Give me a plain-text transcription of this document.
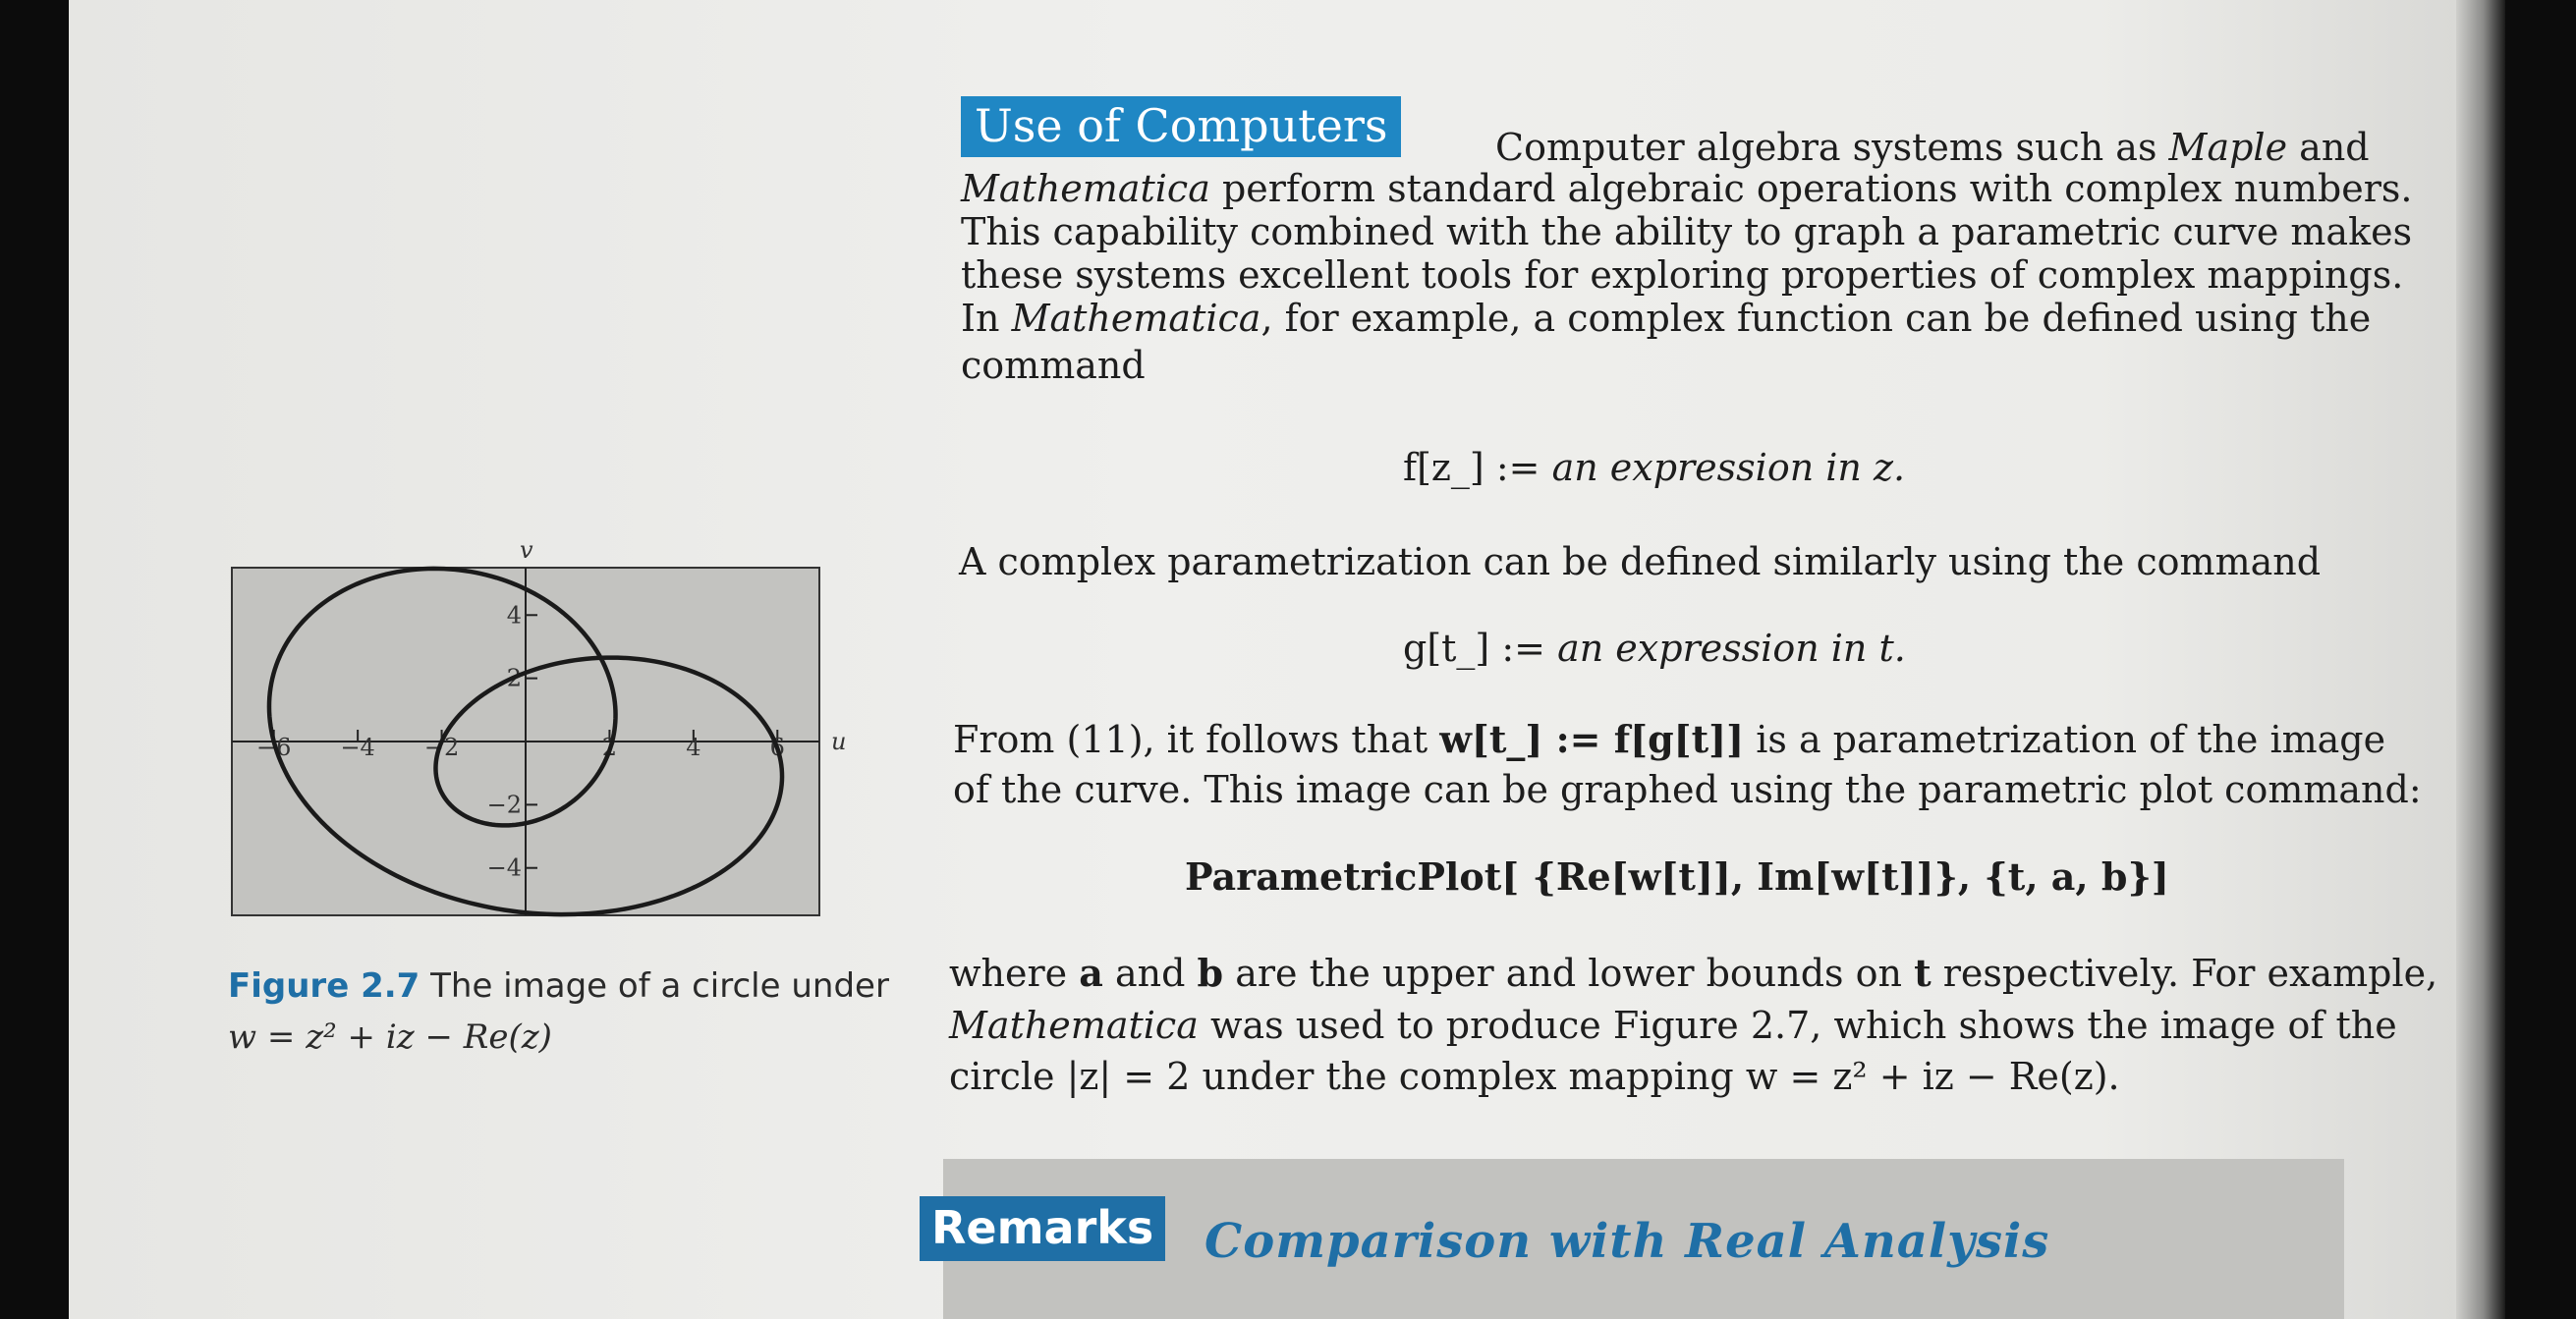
Use of Computers	Computer algebra systems such as Maple and
Mathematica perform standard algebraic operations with complex numbers.
This capability combined with the ability to graph a parametric curve makes
these systems excellent tools for exploring properties of complex mappings.
In Mathematica, for example, a complex function can be defined using the
command
f[z_] := an expression in z.
A complex parametrization can be defined similarly using the command
g[t_] := an expression in t.
From (11), it follows that w[t_] := f[g[t]] is a parametrization of the image
of the curve. This image can be graphed using the parametric plot command:
ParametricPlot[ {Re[w[t]], Im[w[t]]}, {t, a, b}]
where a and b are the upper and lower bounds on t respectively. For example,
Mathematica was used to produce Figure 2.7, which shows the image of the
circle |z| = 2 under the complex mapping w = z² + iz − Re(z).
−6 −4 −2	2	4	6
−4
−2
2
4
u
v
Figure 2.7 The image of a circle under
w = z² + iz − Re(z)
Remarks Comparison with Real Analysis
